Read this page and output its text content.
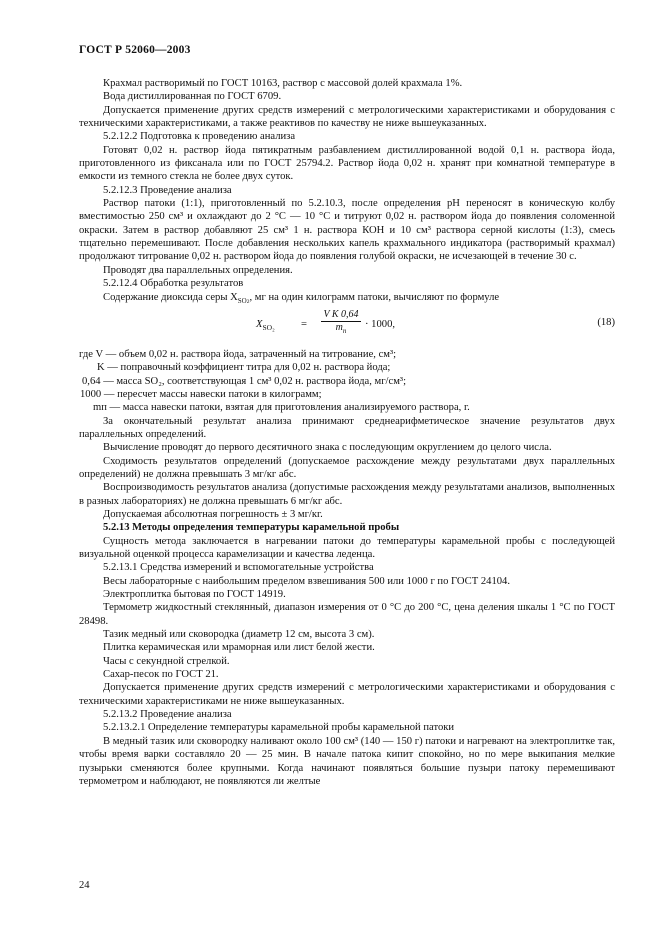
ГОСТ Р 52060—2003

Крахмал растворимый по ГОСТ 10163, раствор с массовой долей крахмала 1%.

Вода дистиллированная по ГОСТ 6709.

Допускается применение других средств измерений с метрологическими характеристиками и оборудования с техническими характеристиками, а также реактивов по качеству не ниже вышеуказанных.

5.2.12.2 Подготовка к проведению анализа

Готовят 0,02 н. раствор йода пятикратным разбавлением дистиллированной водой 0,1 н. раствора йода, приготовленного из фиксанала или по ГОСТ 25794.2. Раствор йода 0,02 н. хранят при комнатной температуре в емкости из темного стекла не более двух суток.

5.2.12.3 Проведение анализа

Раствор патоки (1:1), приготовленный по 5.2.10.3, после определения pH переносят в коническую колбу вместимостью 250 см³ и охлаждают до 2 °С — 10 °С и титруют 0,02 н. раствором йода до появления соломенной окраски. Затем в раствор добавляют 25 см³ 1 н. раствора КОН и 10 см³ раствора серной кислоты (1:3), смесь тщательно перемешивают. После добавления нескольких капель крахмального индикатора (растворимый крахмал) продолжают титрование 0,02 н. раствором йода до появления голубой окраски, не исчезающей в течение 30 с.

Проводят два параллельных определения.

5.2.12.4 Обработка результатов

Содержание диоксида серы $X_{SO2}$, мг на один килограмм патоки, вычисляют по формуле

$X_{SO_2}$ =
V K 0,64
$m_п$
· 1000,	(18)

где V — объем 0,02 н. раствора йода, затраченный на титрование, см³;

K — поправочный коэффициент титра для 0,02 н. раствора йода;

0,64 — масса SO₂, соответствующая 1 см³ 0,02 н. раствора йода, мг/см³;

1000 — пересчет массы навески патоки в килограмм;

mп — масса навески патоки, взятая для приготовления анализируемого раствора, г.

За окончательный результат анализа принимают среднеарифметическое значение результатов двух параллельных определений.

Вычисление проводят до первого десятичного знака с последующим округлением до целого числа.

Сходимость результатов определений (допускаемое расхождение между результатами двух параллельных определений) не должна превышать 3 мг/кг абс.

Воспроизводимость результатов анализа (допустимые расхождения между результатами анализов, выполненных в разных лабораториях) не должна превышать 6 мг/кг абс.

Допускаемая абсолютная погрешность ± 3 мг/кг.

5.2.13 Методы определения температуры карамельной пробы

Сущность метода заключается в нагревании патоки до температуры карамельной пробы с последующей визуальной оценкой процесса карамелизации и качества леденца.

5.2.13.1 Средства измерений и вспомогательные устройства

Весы лабораторные с наибольшим пределом взвешивания 500 или 1000 г по ГОСТ 24104.

Электроплитка бытовая по ГОСТ 14919.

Термометр жидкостный стеклянный, диапазон измерения от 0 °С до 200 °С, цена деления шкалы 1 °С по ГОСТ 28498.

Тазик медный или сковородка (диаметр 12 см, высота 3 см).

Плитка керамическая или мраморная или лист белой жести.

Часы с секундной стрелкой.

Сахар-песок по ГОСТ 21.

Допускается применение других средств измерений с метрологическими характеристиками и оборудования с техническими характеристиками не ниже вышеуказанных.

5.2.13.2 Проведение анализа

5.2.13.2.1 Определение температуры карамельной пробы карамельной патоки

В медный тазик или сковородку наливают около 100 см³ (140 — 150 г) патоки и нагревают на электроплитке так, чтобы время варки составляло 20 — 25 мин. В начале патока кипит спокойно, но по мере выкипания мелкие пузырьки сменяются более крупными. Когда начинают появляться большие пузыри патоку перемешивают термометром и наблюдают, не появляются ли желтые

24
